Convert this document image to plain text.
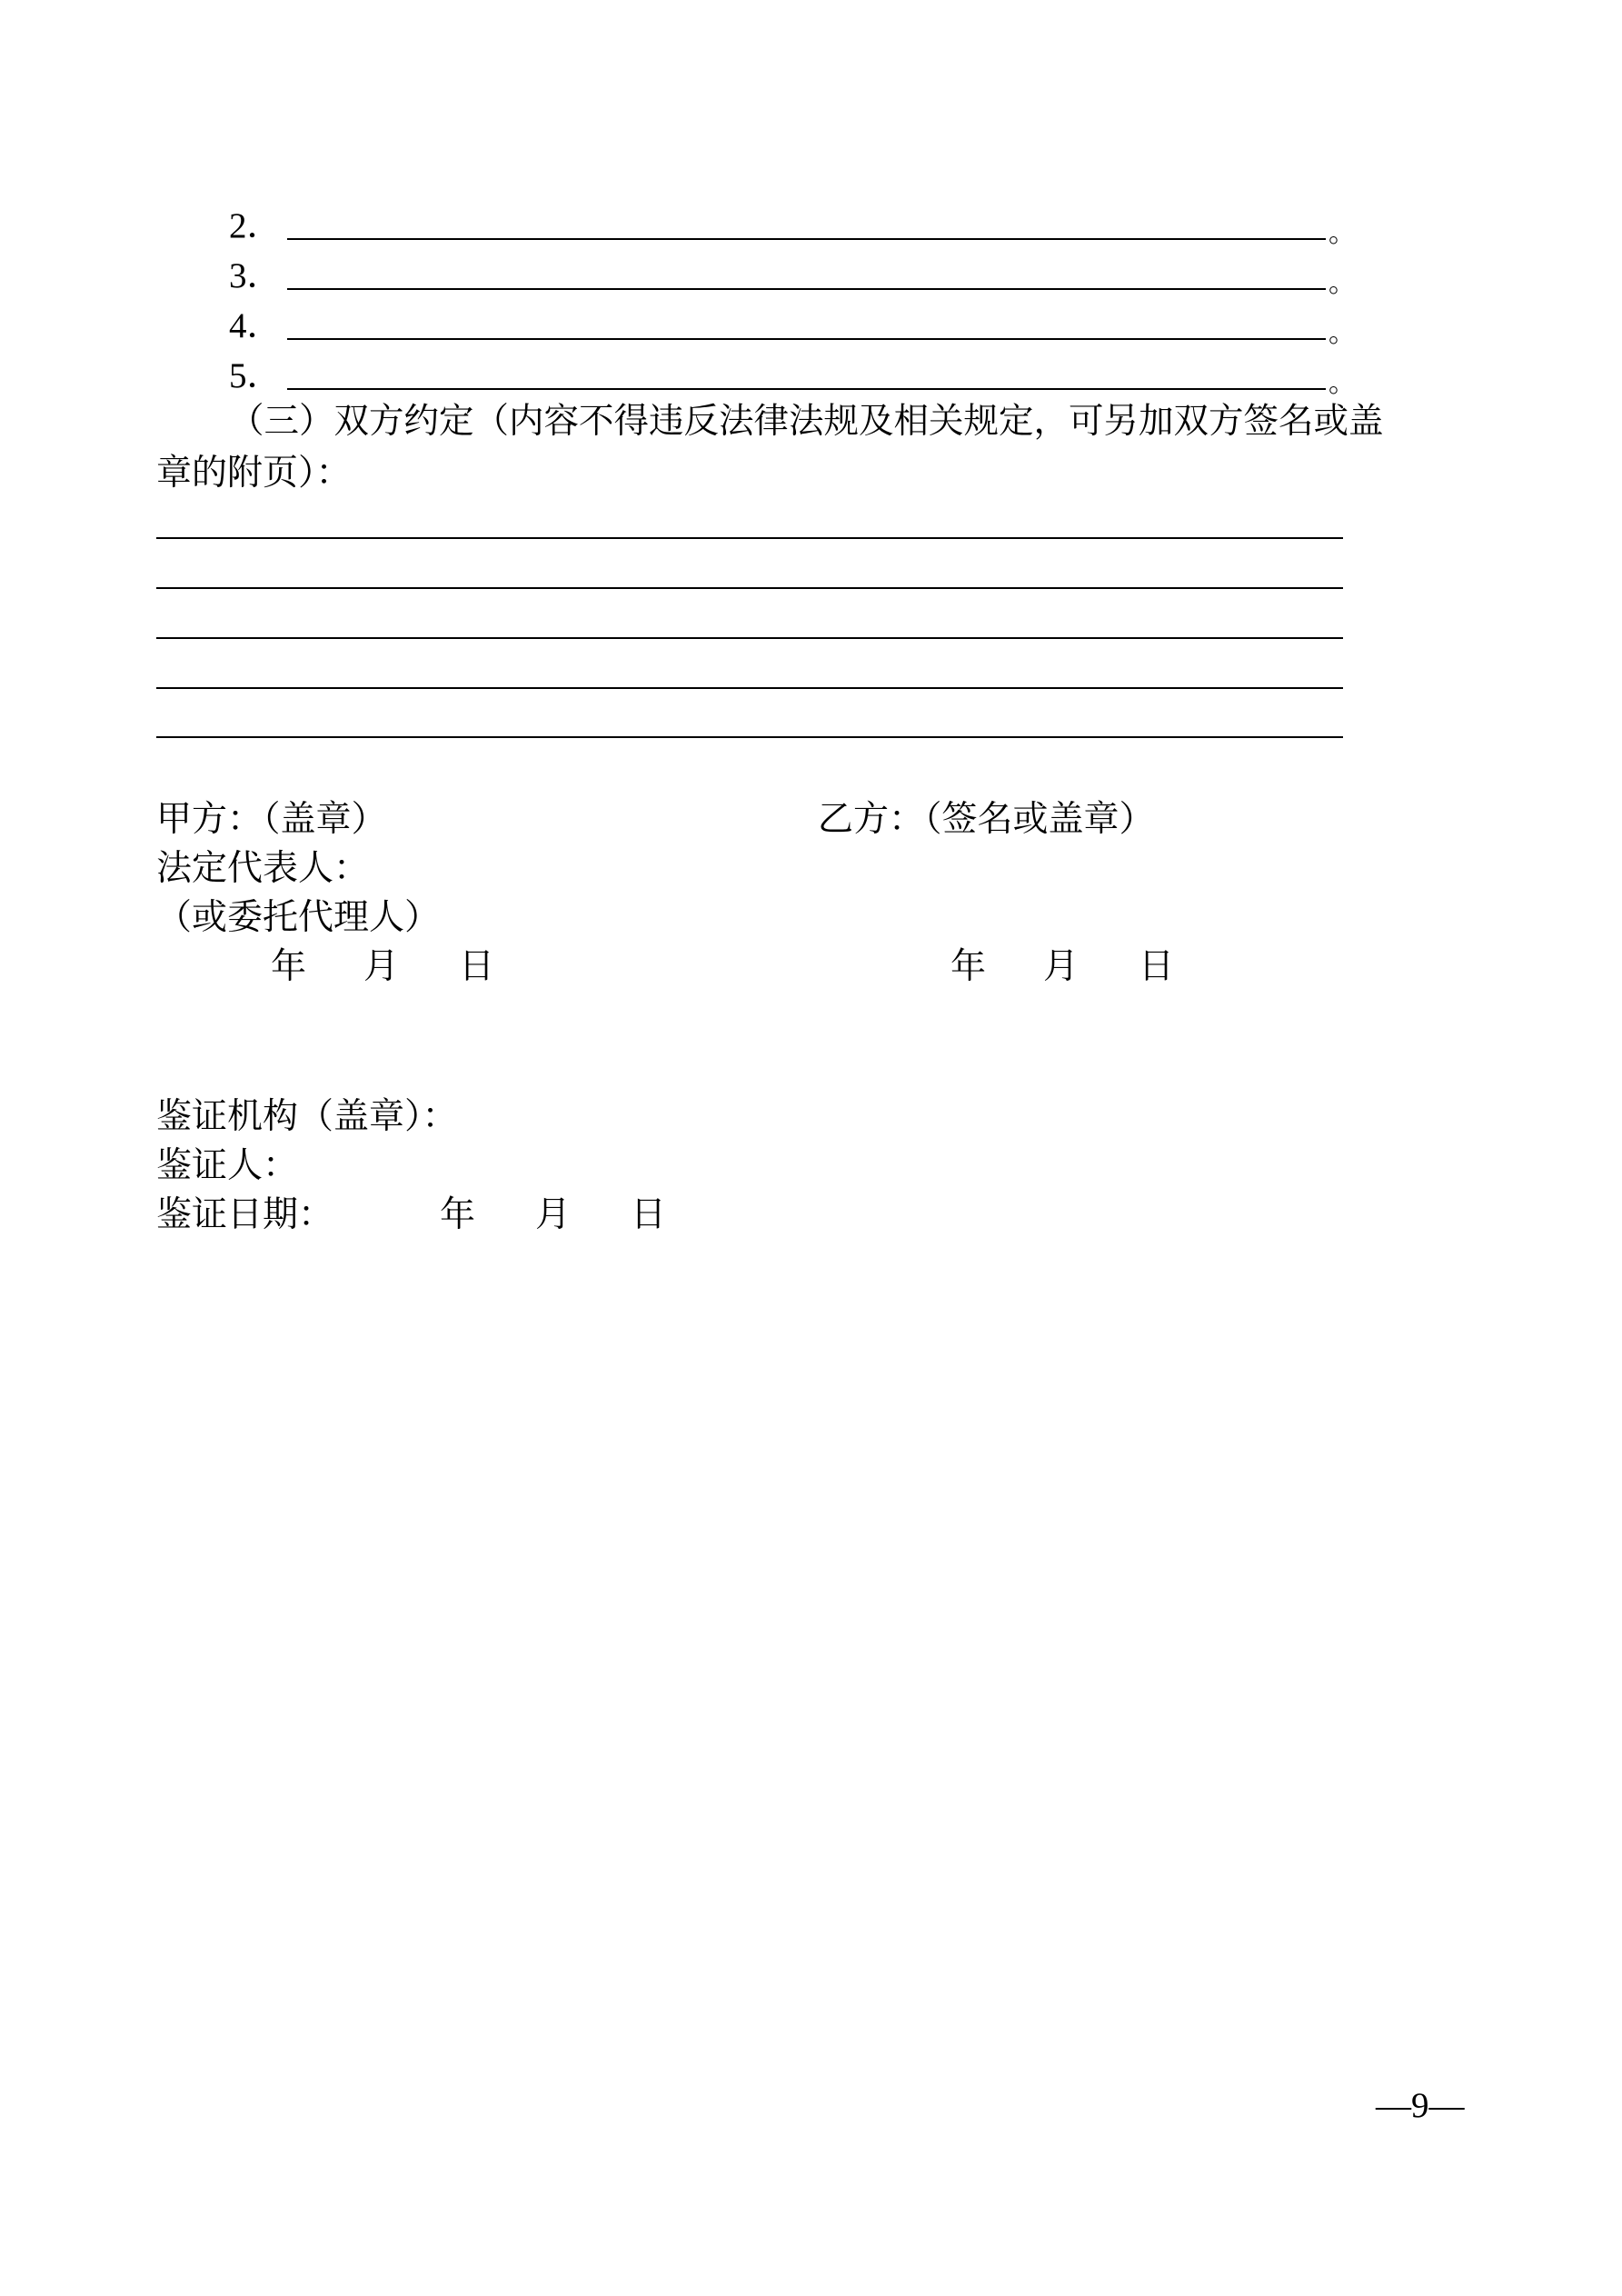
2．	。
3．	。
4．	。
5．	。
（三）双方约定（内容不得违反法律法规及相关规定，可另加双方签名或盖
章的附页）：
甲方：（盖章）	乙方：（签名或盖章）
法定代表人：
（或委托代理人）
年 月 日	年 月 日
鉴证机构（盖章）：
鉴证人：
鉴证日期：	年 月 日
—9—
